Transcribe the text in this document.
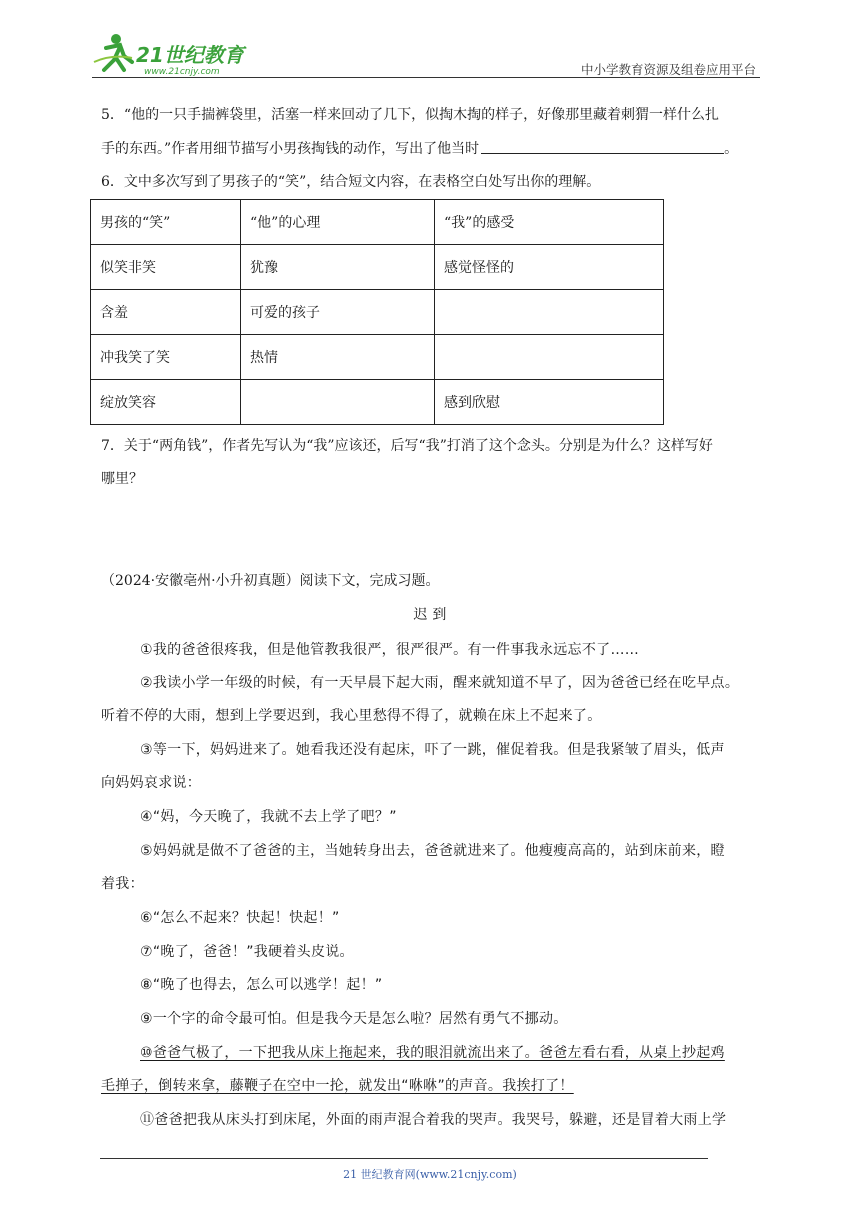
21世纪教育
www.21cnjy.com	中小学教育资源及组卷应用平台
5．“他的一只手揣裤袋里，活塞一样来回动了几下，似掏木掏的样子，好像那里藏着刺猬一样什么扎
手的东西。”作者用细节描写小男孩掏钱的动作，写出了他当时	。
6．文中多次写到了男孩子的“笑”，结合短文内容，在表格空白处写出你的理解。
男孩的“笑”	“他”的心理	“我”的感受
似笑非笑	犹豫	感觉怪怪的
含羞	可爱的孩子	
冲我笑了笑	热情	
绽放笑容		感到欣慰
7．关于“两角钱”，作者先写认为“我”应该还，后写“我”打消了这个念头。分别是为什么？这样写好
哪里？
（2024·安徽亳州·小升初真题）阅读下文，完成习题。
迟 到
①我的爸爸很疼我，但是他管教我很严，很严很严。有一件事我永远忘不了……
②我读小学一年级的时候，有一天早晨下起大雨，醒来就知道不早了，因为爸爸已经在吃早点。
听着不停的大雨，想到上学要迟到，我心里愁得不得了，就赖在床上不起来了。
③等一下，妈妈进来了。她看我还没有起床，吓了一跳，催促着我。但是我紧皱了眉头，低声
向妈妈哀求说：
④“妈，今天晚了，我就不去上学了吧？”
⑤妈妈就是做不了爸爸的主，当她转身出去，爸爸就进来了。他瘦瘦高高的，站到床前来，瞪
着我：
⑥“怎么不起来？快起！快起！”
⑦“晚了，爸爸！”我硬着头皮说。
⑧“晚了也得去，怎么可以逃学！起！”
⑨一个字的命令最可怕。但是我今天是怎么啦？居然有勇气不挪动。
⑩爸爸气极了，一下把我从床上拖起来，我的眼泪就流出来了。爸爸左看右看，从桌上抄起鸡
毛掸子，倒转来拿，藤鞭子在空中一抡，就发出“咻咻”的声音。我挨打了！
⑪爸爸把我从床头打到床尾，外面的雨声混合着我的哭声。我哭号，躲避，还是冒着大雨上学
21 世纪教育网(www.21cnjy.com)
